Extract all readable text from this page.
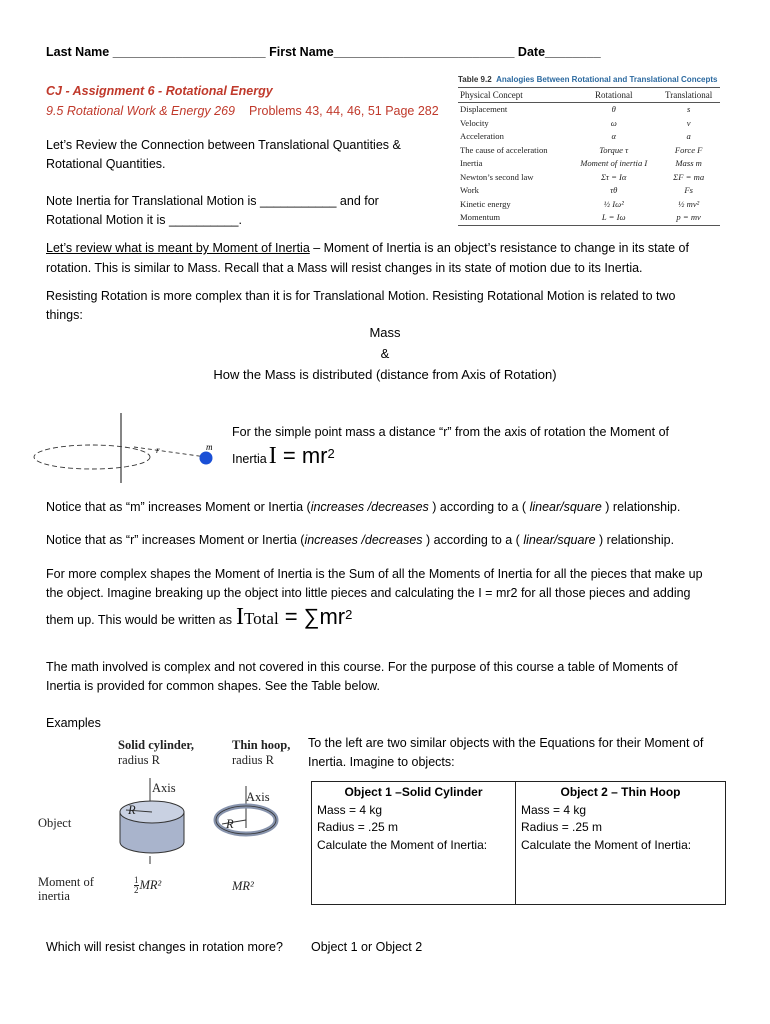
Last Name ______________________ First Name__________________________ Date________
CJ - Assignment 6 - Rotational Energy
9.5 Rotational Work & Energy 269 Problems 43, 44, 46, 51 Page 282

Let’s Review the Connection between Translational Quantities &

Rotational Quantities.

Note Inertia for Translational Motion is ___________ and for

Rotational Motion it is __________.

Table 9.2 Analogies Between Rotational and Translational Concepts
Physical Concept	Rotational	Translational
Displacement	θ	s
Velocity	ω	v
Acceleration	α	a
The cause of acceleration	Torque τ	Force F
Inertia	Moment of inertia I	Mass m
Newton’s second law	Στ = Iα	ΣF = ma
Work	τθ	Fs
Kinetic energy	½ Iω²	½ mv²
Momentum	L = Iω	p = mv

Let’s review what is meant by Moment of Inertia – Moment of Inertia is an object’s resistance to change in its state of

rotation. This is similar to Mass. Recall that a Mass will resist changes in its state of motion due to its Inertia.

Resisting Rotation is more complex than it is for Translational Motion. Resisting Rotational Motion is related to two

things:

Mass
&
How the Mass is distributed (distance from Axis of Rotation)
r	m

For the simple point mass a distance “r” from the axis of rotation the Moment of

InertiaI = $mr^2$

Notice that as “m” increases Moment or Inertia (increases /decreases ) according to a ( linear/square ) relationship.

Notice that as “r” increases Moment or Inertia (increases /decreases ) according to a ( linear/square ) relationship.

For more complex shapes the Moment of Inertia is the Sum of all the Moments of Inertia for all the pieces that make up

the object. Imagine breaking up the object into little pieces and calculating the I = mr2 for all those pieces and adding

them up. This would be written as ITotal = $\sum mr^2$

The math involved is complex and not covered in this course. For the purpose of this course a table of Moments of

Inertia is provided for common shapes. See the Table below.

Examples

Solid cylinder,
radius R
Thin hoop,
radius R
Axis
R
Axis
R
Object
Moment of
inertia
$\frac{1}{2} MR^2$	MR²

To the left are two similar objects with the Equations for their Moment of

Inertia. Imagine to objects:

Object 1 –Solid Cylinder
Mass = 4 kg
Radius = .25 m
Calculate the Moment of Inertia:

Object 2 – Thin Hoop
Mass = 4 kg
Radius = .25 m
Calculate the Moment of Inertia:

Which will resist changes in rotation more? Object 1 or Object 2
